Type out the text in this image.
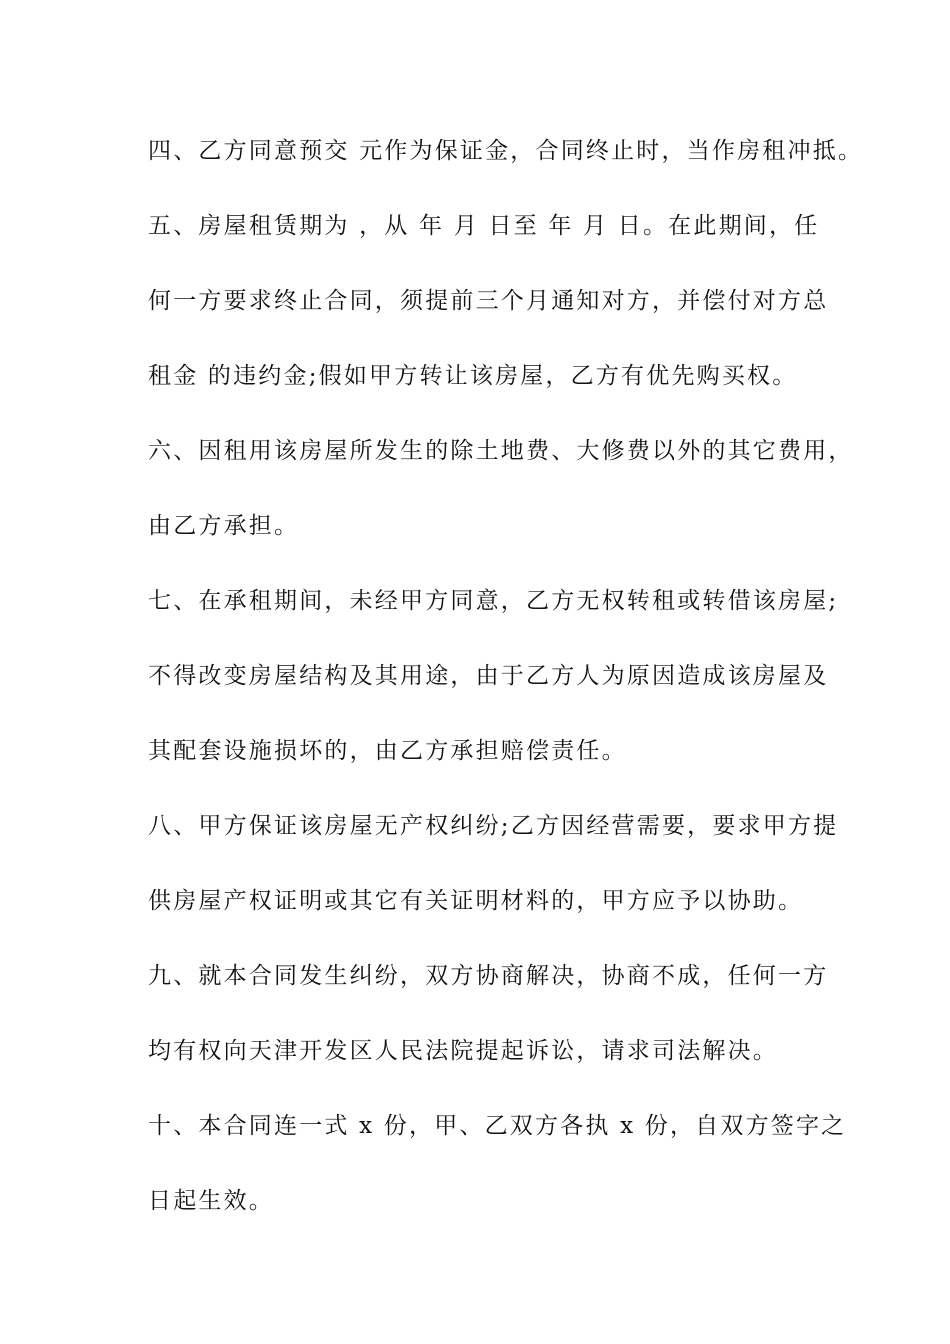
四、乙方同意预交 元作为保证金，合同终止时，当作房租冲抵。
五、房屋租赁期为 ，从 年 月 日至 年 月 日。在此期间，任
何一方要求终止合同，须提前三个月通知对方，并偿付对方总
租金 的违约金;假如甲方转让该房屋，乙方有优先购买权。
六、因租用该房屋所发生的除土地费、大修费以外的其它费用，
由乙方承担。
七、在承租期间，未经甲方同意，乙方无权转租或转借该房屋;
不得改变房屋结构及其用途，由于乙方人为原因造成该房屋及
其配套设施损坏的，由乙方承担赔偿责任。
八、甲方保证该房屋无产权纠纷;乙方因经营需要，要求甲方提
供房屋产权证明或其它有关证明材料的，甲方应予以协助。
九、就本合同发生纠纷，双方协商解决，协商不成，任何一方
均有权向天津开发区人民法院提起诉讼，请求司法解决。
十、本合同连一式 x 份，甲、乙双方各执 x 份，自双方签字之
日起生效。
